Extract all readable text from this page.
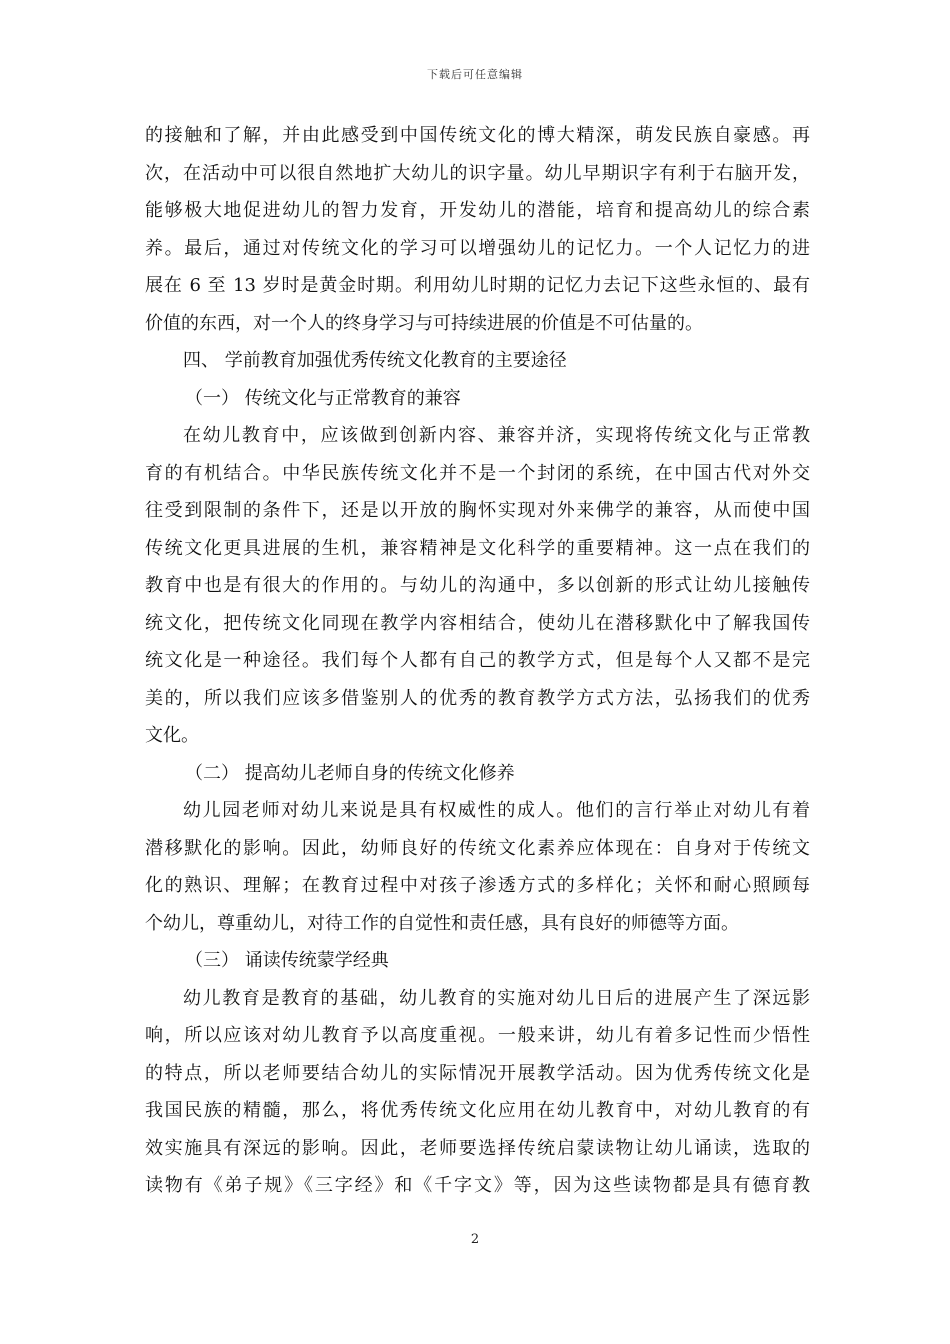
下载后可任意编辑
的接触和了解，并由此感受到中国传统文化的博大精深，萌发民族自豪感。再
次，在活动中可以很自然地扩大幼儿的识字量。幼儿早期识字有利于右脑开发，
能够极大地促进幼儿的智力发育，开发幼儿的潜能，培育和提高幼儿的综合素
养。最后，通过对传统文化的学习可以增强幼儿的记忆力。一个人记忆力的进
展在 6 至 13 岁时是黄金时期。利用幼儿时期的记忆力去记下这些永恒的、最有
价值的东西，对一个人的终身学习与可持续进展的价值是不可估量的。
四、 学前教育加强优秀传统文化教育的主要途径
（一） 传统文化与正常教育的兼容
在幼儿教育中，应该做到创新内容、兼容并济，实现将传统文化与正常教
育的有机结合。中华民族传统文化并不是一个封闭的系统，在中国古代对外交
往受到限制的条件下，还是以开放的胸怀实现对外来佛学的兼容，从而使中国
传统文化更具进展的生机，兼容精神是文化科学的重要精神。这一点在我们的
教育中也是有很大的作用的。与幼儿的沟通中，多以创新的形式让幼儿接触传
统文化，把传统文化同现在教学内容相结合，使幼儿在潜移默化中了解我国传
统文化是一种途径。我们每个人都有自己的教学方式，但是每个人又都不是完
美的，所以我们应该多借鉴别人的优秀的教育教学方式方法，弘扬我们的优秀
文化。
（二） 提高幼儿老师自身的传统文化修养
幼儿园老师对幼儿来说是具有权威性的成人。他们的言行举止对幼儿有着
潜移默化的影响。因此，幼师良好的传统文化素养应体现在：自身对于传统文
化的熟识、理解；在教育过程中对孩子渗透方式的多样化；关怀和耐心照顾每
个幼儿，尊重幼儿，对待工作的自觉性和责任感，具有良好的师德等方面。
（三） 诵读传统蒙学经典
幼儿教育是教育的基础，幼儿教育的实施对幼儿日后的进展产生了深远影
响，所以应该对幼儿教育予以高度重视。一般来讲，幼儿有着多记性而少悟性
的特点，所以老师要结合幼儿的实际情况开展教学活动。因为优秀传统文化是
我国民族的精髓，那么，将优秀传统文化应用在幼儿教育中，对幼儿教育的有
效实施具有深远的影响。因此，老师要选择传统启蒙读物让幼儿诵读，选取的
读物有《弟子规》《三字经》和《千字文》等，因为这些读物都是具有德育教
2
